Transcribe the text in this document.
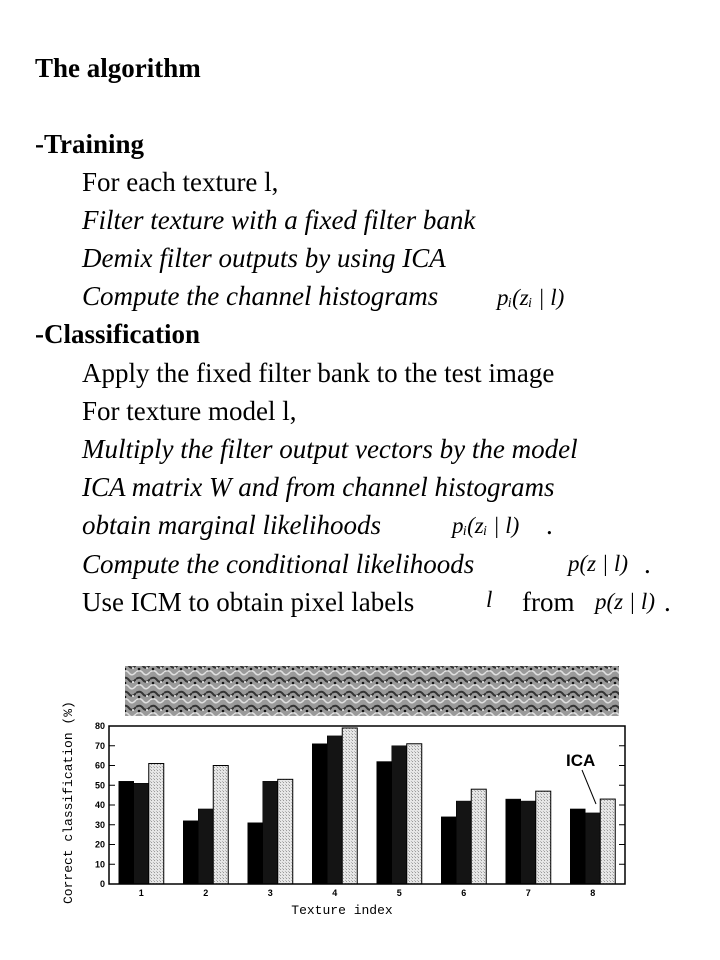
The algorithm
-Training
For each texture l,
Filter texture with a fixed filter bank
Demix filter outputs by using ICA
Compute the channel histograms	pᵢ(zᵢ | l)
-Classification
Apply the fixed filter bank to the test image
For texture model l,
Multiply the filter output vectors by the model
ICA matrix W and from channel histograms
obtain marginal likelihoods	pᵢ(zᵢ | l) .
Compute the conditional likelihoods	p(z | l) .
Use ICM to obtain pixel labels	l from p(z | l) .
Correct classification (%)
Texture index
0
10
20
30
40
50
60
70
80
1	2	3	4	5	6	7	8
ICA
